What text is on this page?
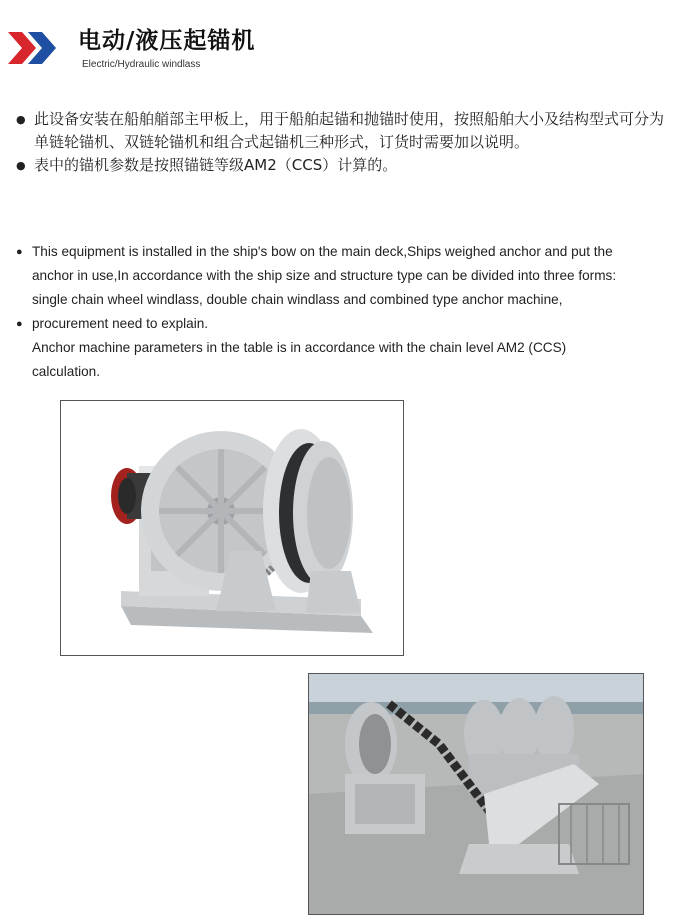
电动/液压起锚机
Electric/Hydraulic windlass
● 此设备安装在船舶艏部主甲板上，用于船舶起锚和抛锚时使用，按照船舶大小及结构型式可分为单链轮锚机、双链轮锚机和组合式起锚机三种形式，订货时需要加以说明。
● 表中的锚机参数是按照锚链等级AM2（CCS）计算的。
● This equipment is installed in the ship's bow on the main deck,Ships weighed anchor and put the
anchor in use,In accordance with the ship size and structure type can be divided into three forms:
single chain wheel windlass, double chain windlass and combined type anchor machine,
● procurement need to explain.
Anchor machine parameters in the table is in accordance with the chain level AM2 (CCS)
calculation.
